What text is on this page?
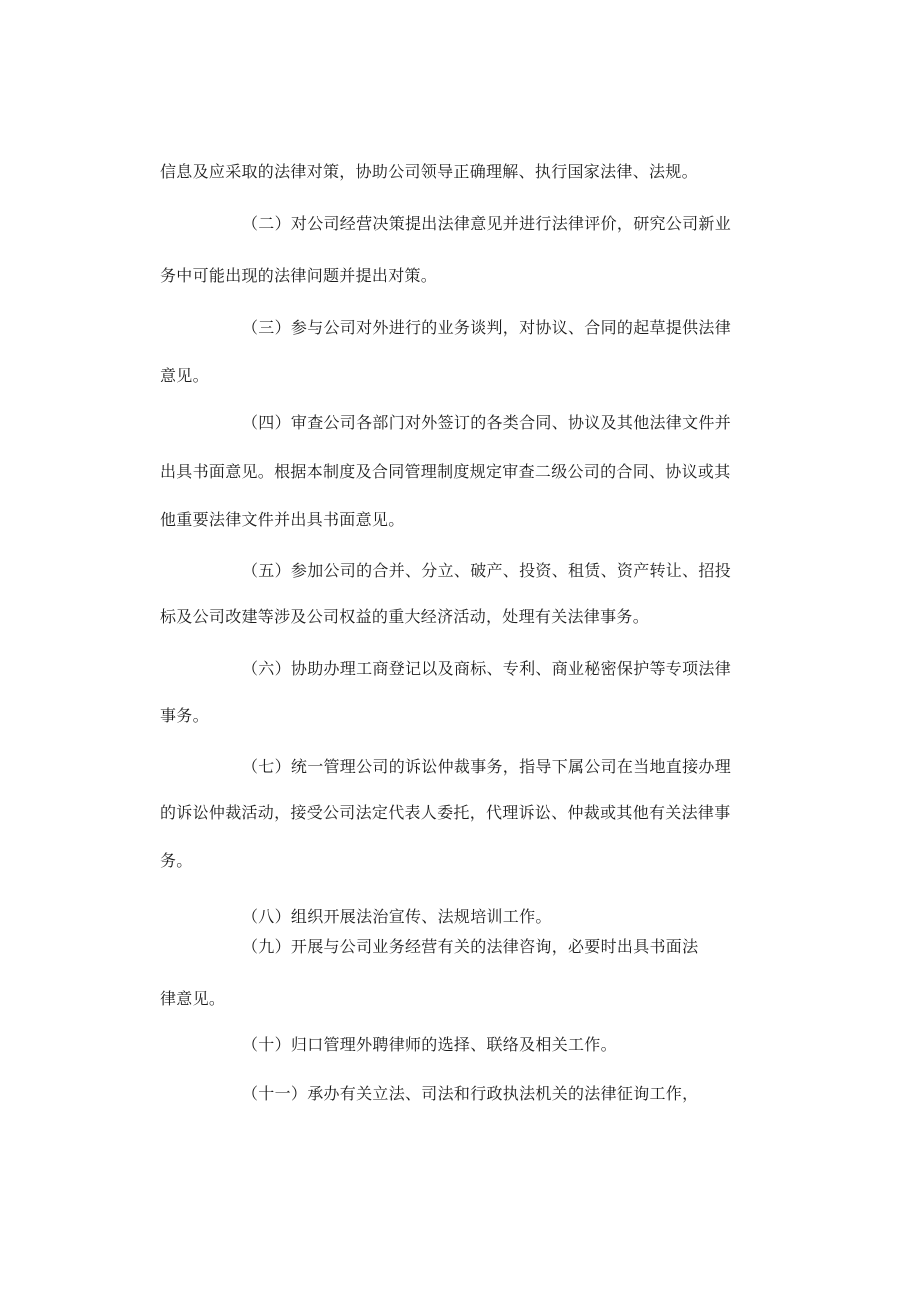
信息及应采取的法律对策，协助公司领导正确理解、执行国家法律、法规。

（二）对公司经营决策提出法律意见并进行法律评价，研究公司新业

务中可能出现的法律问题并提出对策。

（三）参与公司对外进行的业务谈判，对协议、合同的起草提供法律

意见。

（四）审查公司各部门对外签订的各类合同、协议及其他法律文件并

出具书面意见。根据本制度及合同管理制度规定审查二级公司的合同、协议或其

他重要法律文件并出具书面意见。

（五）参加公司的合并、分立、破产、投资、租赁、资产转让、招投

标及公司改建等涉及公司权益的重大经济活动，处理有关法律事务。

（六）协助办理工商登记以及商标、专利、商业秘密保护等专项法律

事务。

（七）统一管理公司的诉讼仲裁事务，指导下属公司在当地直接办理

的诉讼仲裁活动，接受公司法定代表人委托，代理诉讼、仲裁或其他有关法律事

务。

（八）组织开展法治宣传、法规培训工作。

（九）开展与公司业务经营有关的法律咨询，必要时出具书面法

律意见。

（十）归口管理外聘律师的选择、联络及相关工作。

（十一）承办有关立法、司法和行政执法机关的法律征询工作，
